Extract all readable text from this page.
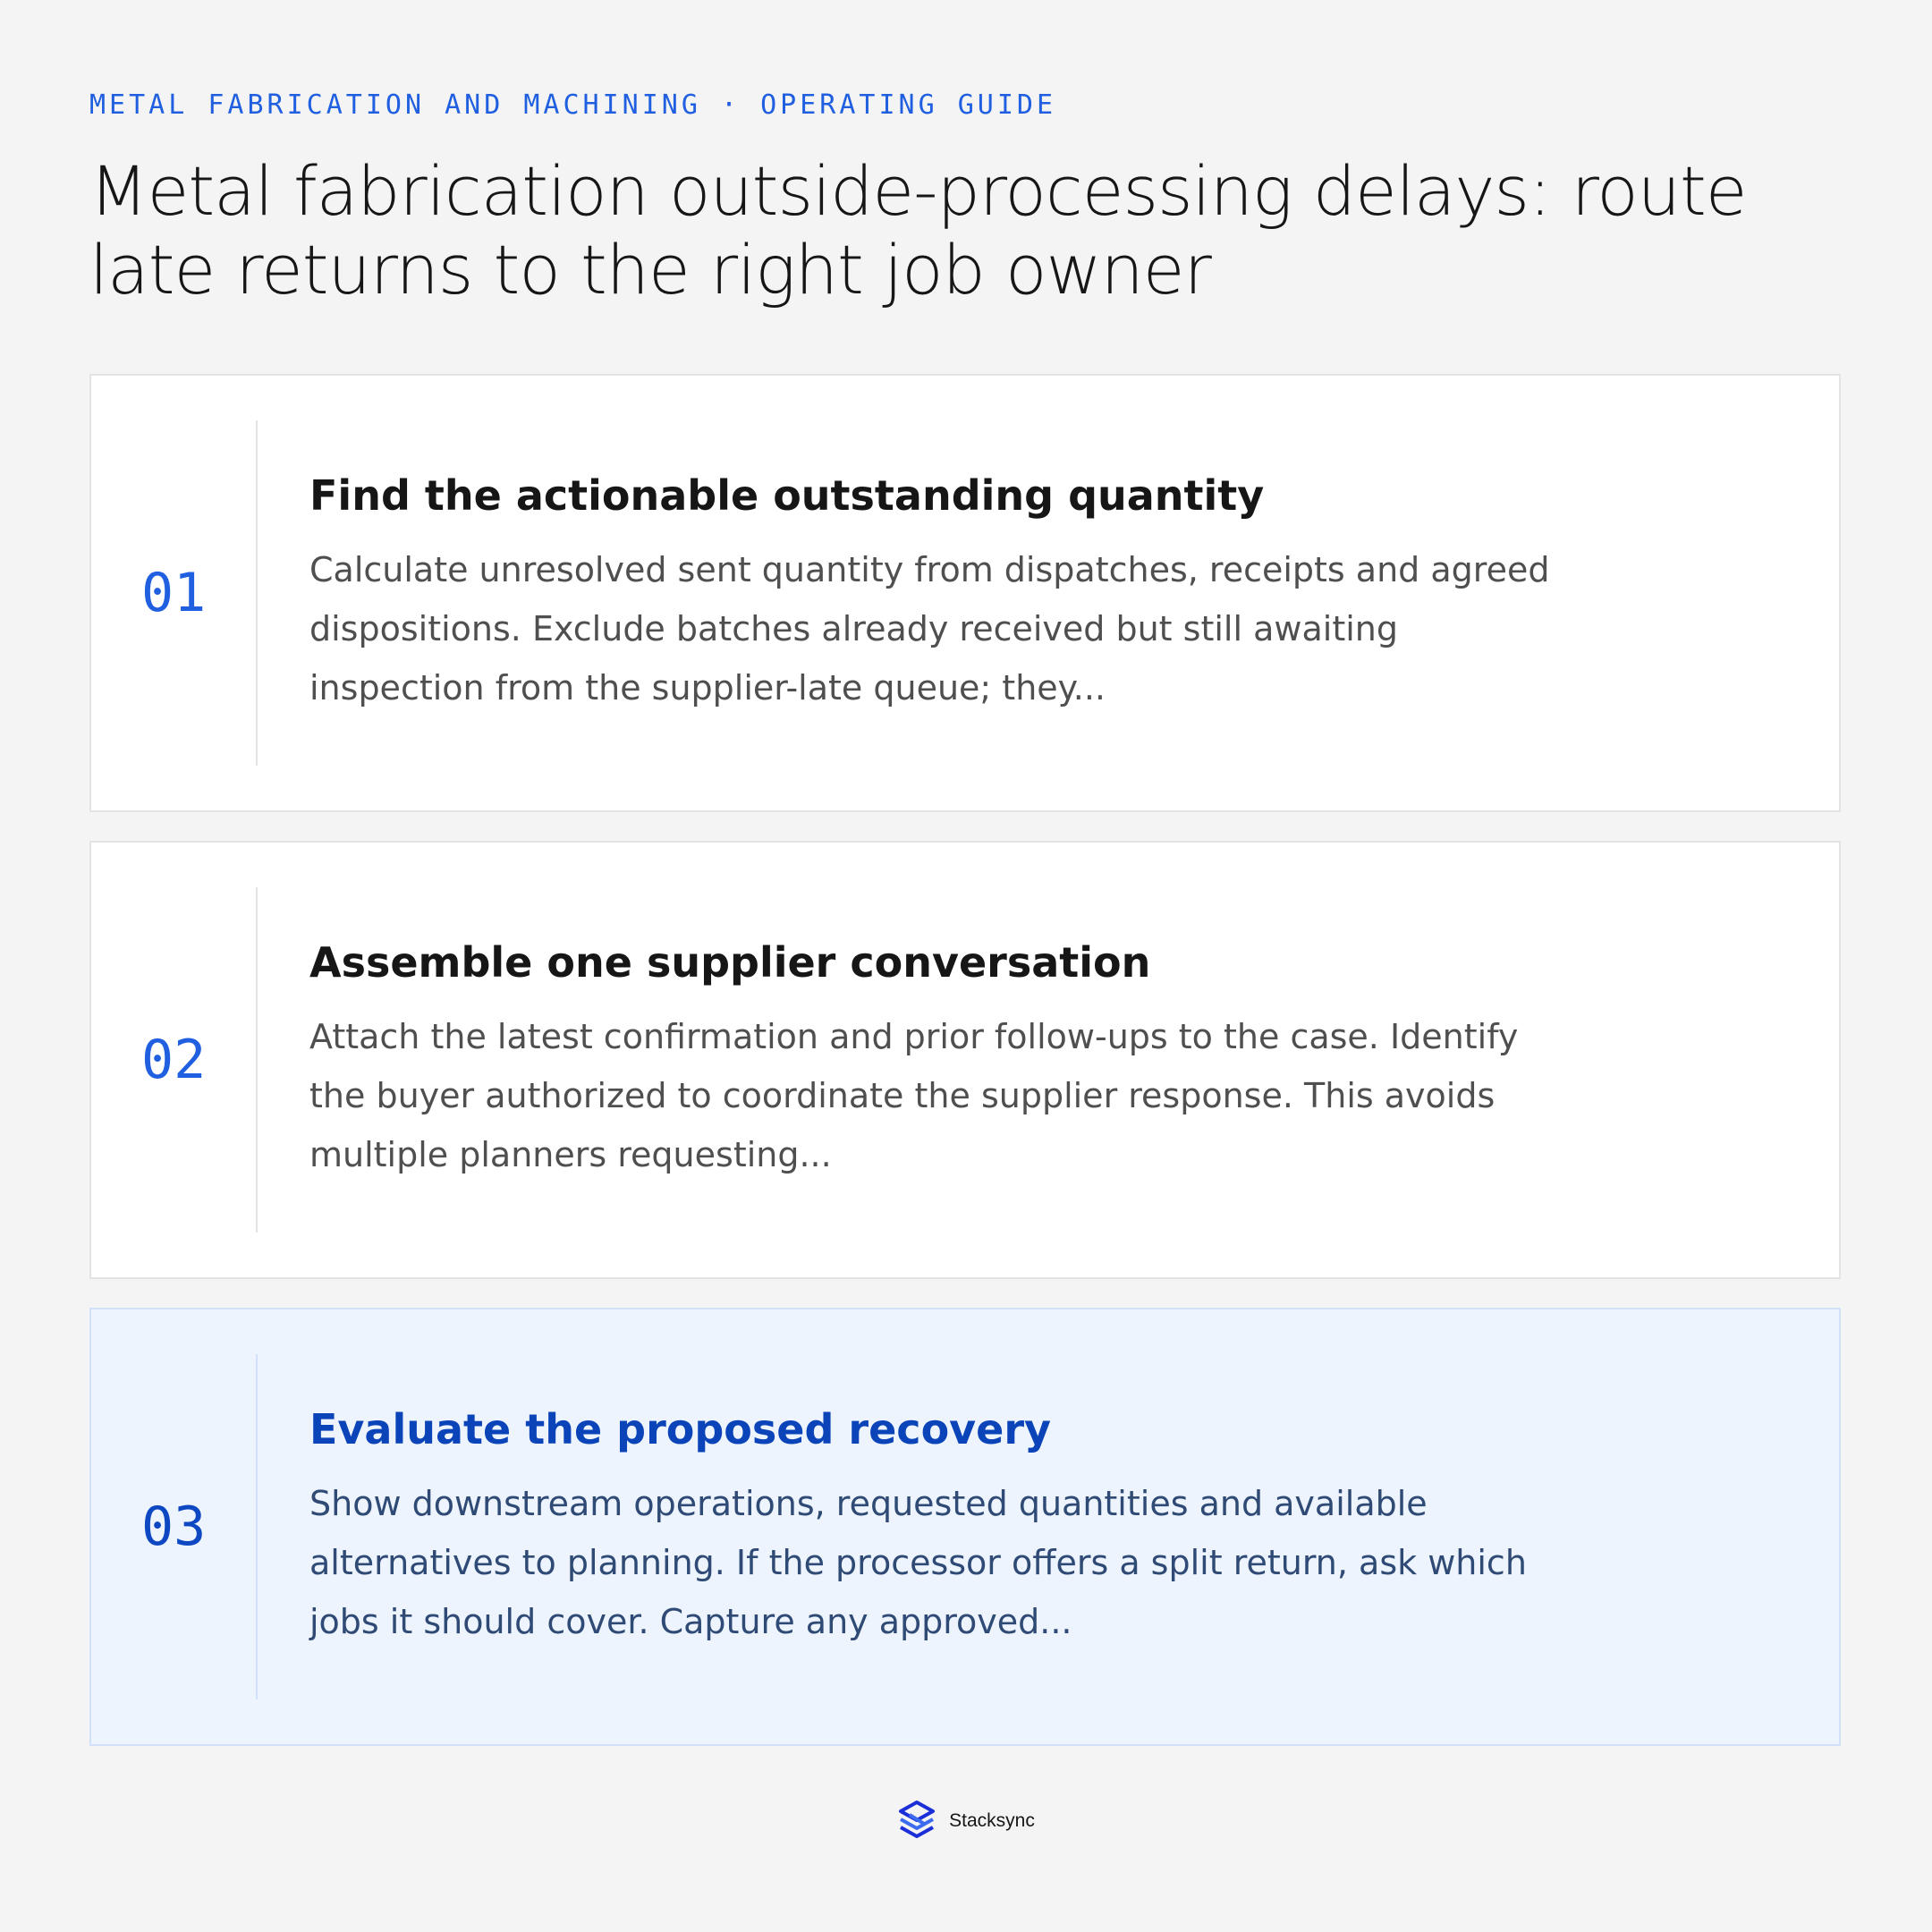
METAL FABRICATION AND MACHINING · OPERATING GUIDE
Metal fabrication outside-processing delays: route late returns to the right job owner
01
Find the actionable outstanding quantity

Calculate unresolved sent quantity from dispatches, receipts and agreed dispositions. Exclude batches already received but still awaiting inspection from the supplier-late queue; they...

02
Assemble one supplier conversation

Attach the latest confirmation and prior follow-ups to the case. Identify the buyer authorized to coordinate the supplier response. This avoids multiple planners requesting...

03
Evaluate the proposed recovery

Show downstream operations, requested quantities and available alternatives to planning. If the processor offers a split return, ask which jobs it should cover. Capture any approved...

Stacksync
